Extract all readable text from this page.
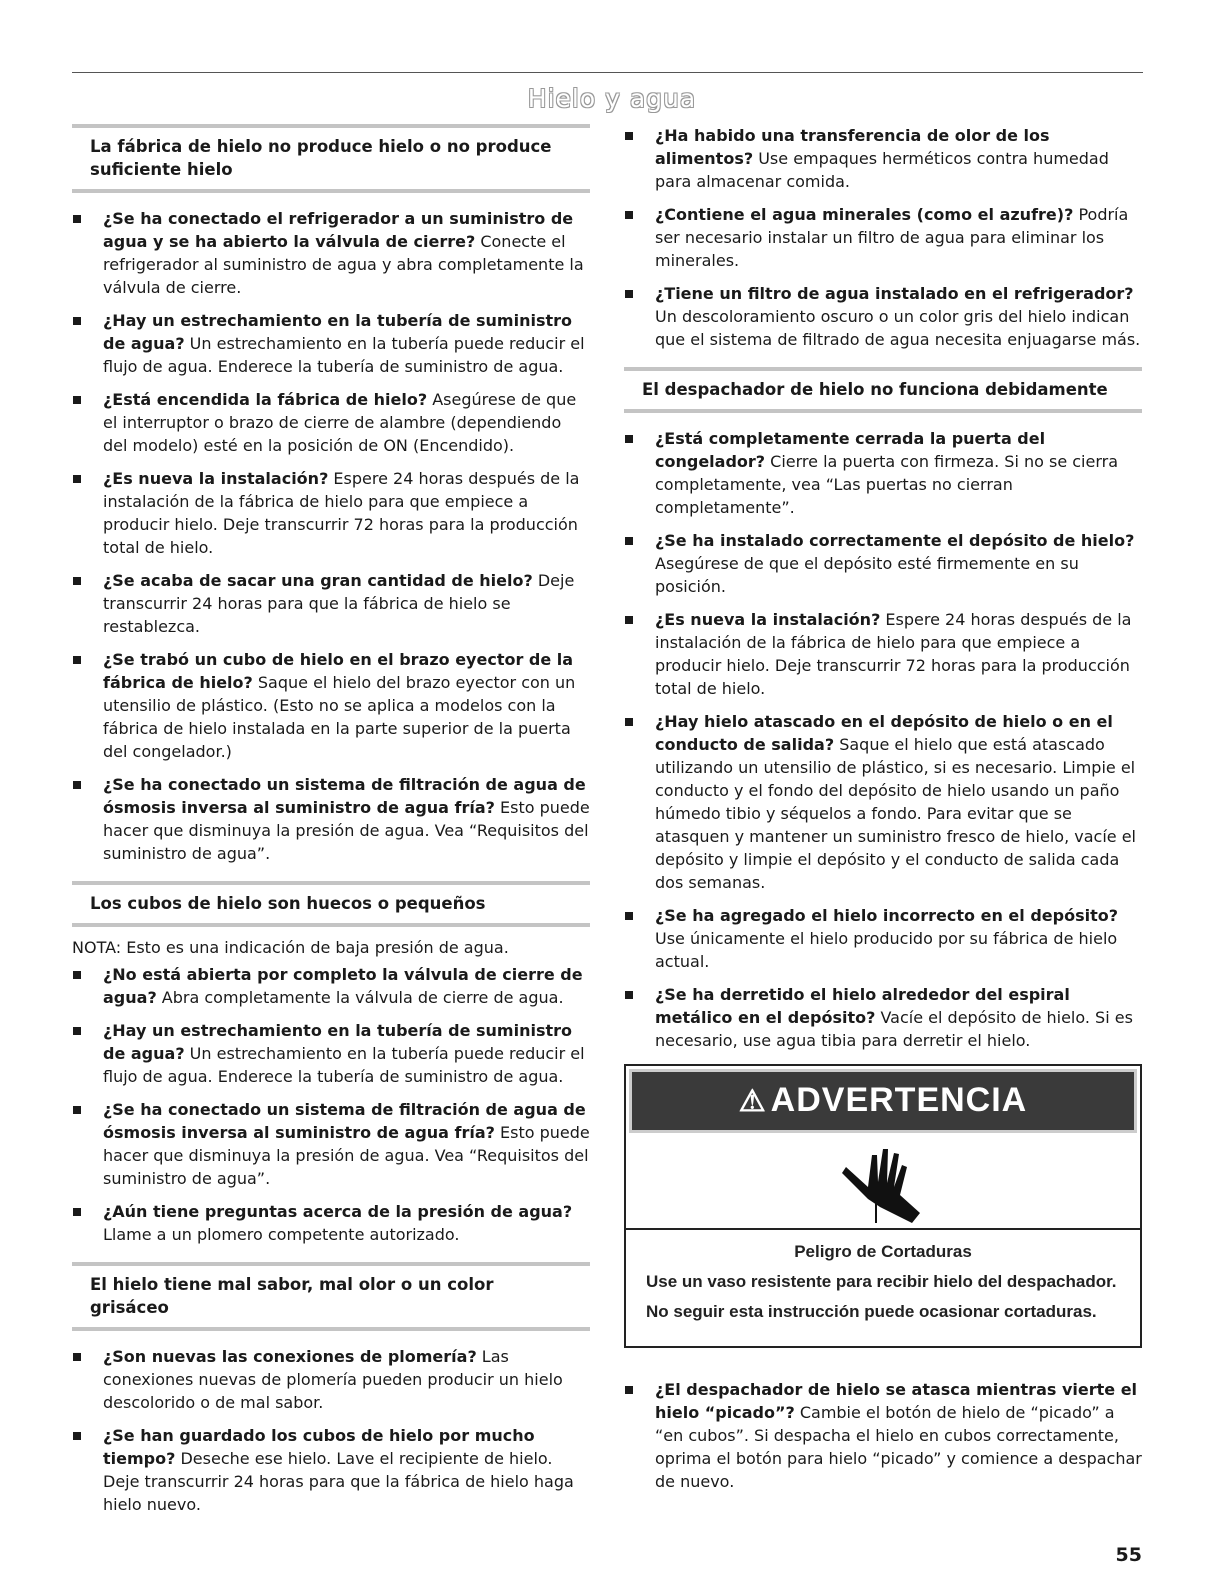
Hielo y agua
La fábrica de hielo no produce hielo o no produce suficiente hielo
¿Se ha conectado el refrigerador a un suministro de agua y se ha abierto la válvula de cierre? Conecte el refrigerador al suministro de agua y abra completamente la válvula de cierre.
¿Hay un estrechamiento en la tubería de suministro de agua? Un estrechamiento en la tubería puede reducir el flujo de agua. Enderece la tubería de suministro de agua.
¿Está encendida la fábrica de hielo? Asegúrese de que el interruptor o brazo de cierre de alambre (dependiendo del modelo) esté en la posición de ON (Encendido).
¿Es nueva la instalación? Espere 24 horas después de la instalación de la fábrica de hielo para que empiece a producir hielo. Deje transcurrir 72 horas para la producción total de hielo.
¿Se acaba de sacar una gran cantidad de hielo? Deje transcurrir 24 horas para que la fábrica de hielo se restablezca.
¿Se trabó un cubo de hielo en el brazo eyector de la fábrica de hielo? Saque el hielo del brazo eyector con un utensilio de plástico. (Esto no se aplica a modelos con la fábrica de hielo instalada en la parte superior de la puerta del congelador.)
¿Se ha conectado un sistema de filtración de agua de ósmosis inversa al suministro de agua fría? Esto puede hacer que disminuya la presión de agua. Vea “Requisitos del suministro de agua”.
Los cubos de hielo son huecos o pequeños
NOTA: Esto es una indicación de baja presión de agua.
¿No está abierta por completo la válvula de cierre de agua? Abra completamente la válvula de cierre de agua.
¿Hay un estrechamiento en la tubería de suministro de agua? Un estrechamiento en la tubería puede reducir el flujo de agua. Enderece la tubería de suministro de agua.
¿Se ha conectado un sistema de filtración de agua de ósmosis inversa al suministro de agua fría? Esto puede hacer que disminuya la presión de agua. Vea “Requisitos del suministro de agua”.
¿Aún tiene preguntas acerca de la presión de agua? Llame a un plomero competente autorizado.
El hielo tiene mal sabor, mal olor o un color grisáceo
¿Son nuevas las conexiones de plomería? Las conexiones nuevas de plomería pueden producir un hielo descolorido o de mal sabor.
¿Se han guardado los cubos de hielo por mucho tiempo? Deseche ese hielo. Lave el recipiente de hielo. Deje transcurrir 24 horas para que la fábrica de hielo haga hielo nuevo.
¿Ha habido una transferencia de olor de los alimentos? Use empaques herméticos contra humedad para almacenar comida.
¿Contiene el agua minerales (como el azufre)? Podría ser necesario instalar un filtro de agua para eliminar los minerales.
¿Tiene un filtro de agua instalado en el refrigerador? Un descoloramiento oscuro o un color gris del hielo indican que el sistema de filtrado de agua necesita enjuagarse más.
El despachador de hielo no funciona debidamente
¿Está completamente cerrada la puerta del congelador? Cierre la puerta con firmeza. Si no se cierra completamente, vea “Las puertas no cierran completamente”.
¿Se ha instalado correctamente el depósito de hielo? Asegúrese de que el depósito esté firmemente en su posición.
¿Es nueva la instalación? Espere 24 horas después de la instalación de la fábrica de hielo para que empiece a producir hielo. Deje transcurrir 72 horas para la producción total de hielo.
¿Hay hielo atascado en el depósito de hielo o en el conducto de salida? Saque el hielo que está atascado utilizando un utensilio de plástico, si es necesario. Limpie el conducto y el fondo del depósito de hielo usando un paño húmedo tibio y séquelos a fondo. Para evitar que se atasquen y mantener un suministro fresco de hielo, vacíe el depósito y limpie el depósito y el conducto de salida cada dos semanas.
¿Se ha agregado el hielo incorrecto en el depósito? Use únicamente el hielo producido por su fábrica de hielo actual.
¿Se ha derretido el hielo alrededor del espiral metálico en el depósito? Vacíe el depósito de hielo. Si es necesario, use agua tibia para derretir el hielo.
⚠ ADVERTENCIA
Peligro de Cortaduras
Use un vaso resistente para recibir hielo del despachador.
No seguir esta instrucción puede ocasionar cortaduras.
¿El despachador de hielo se atasca mientras vierte el hielo “picado”? Cambie el botón de hielo de “picado” a “en cubos”. Si despacha el hielo en cubos correctamente, oprima el botón para hielo “picado” y comience a despachar de nuevo.
55
